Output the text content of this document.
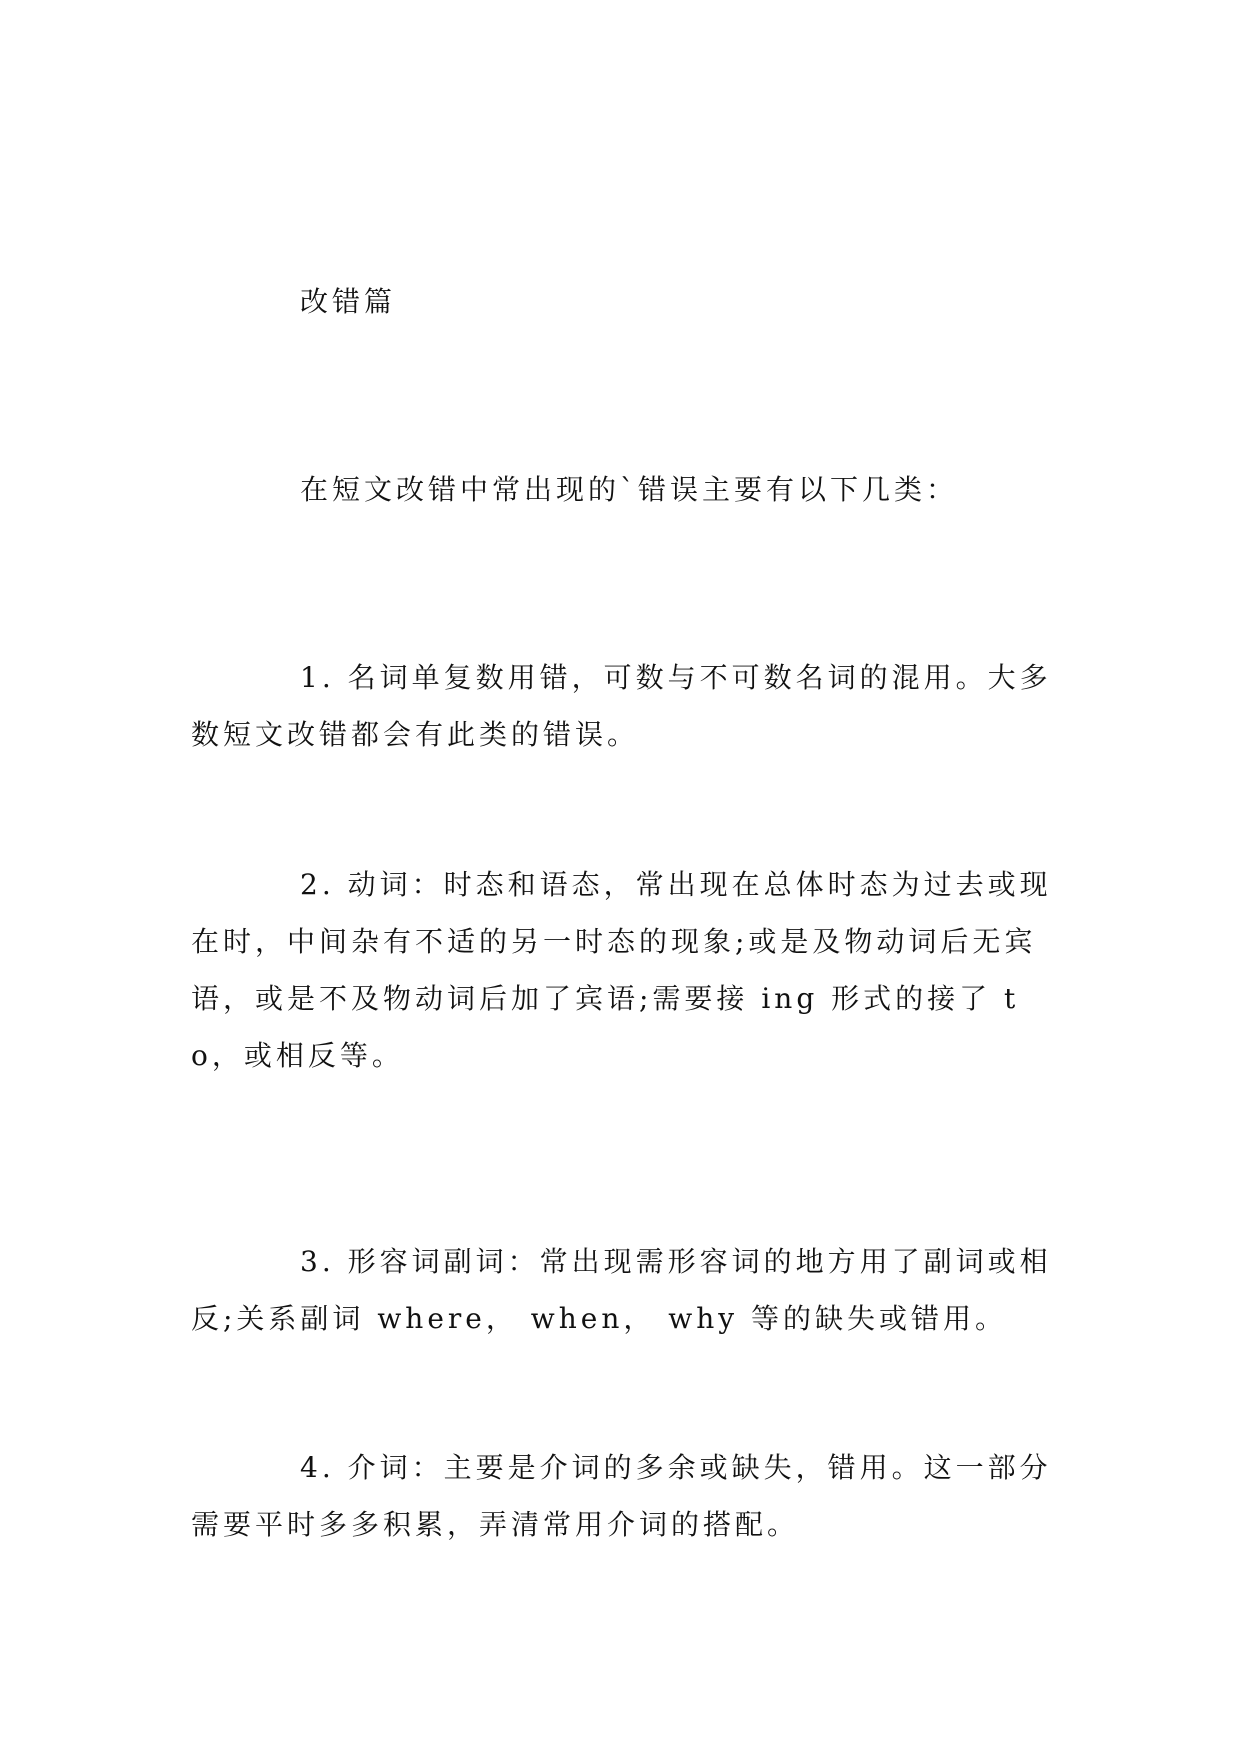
改错篇
在短文改错中常出现的`错误主要有以下几类：
1. 名词单复数用错，可数与不可数名词的混用。大多数短文改错都会有此类的错误。
2. 动词：时态和语态，常出现在总体时态为过去或现在时，中间杂有不适的另一时态的现象;或是及物动词后无宾语，或是不及物动词后加了宾语;需要接 ing 形式的接了 to，或相反等。
3. 形容词副词：常出现需形容词的地方用了副词或相反;关系副词 where， when， why 等的缺失或错用。
4. 介词：主要是介词的多余或缺失，错用。这一部分需要平时多多积累，弄清常用介词的搭配。
